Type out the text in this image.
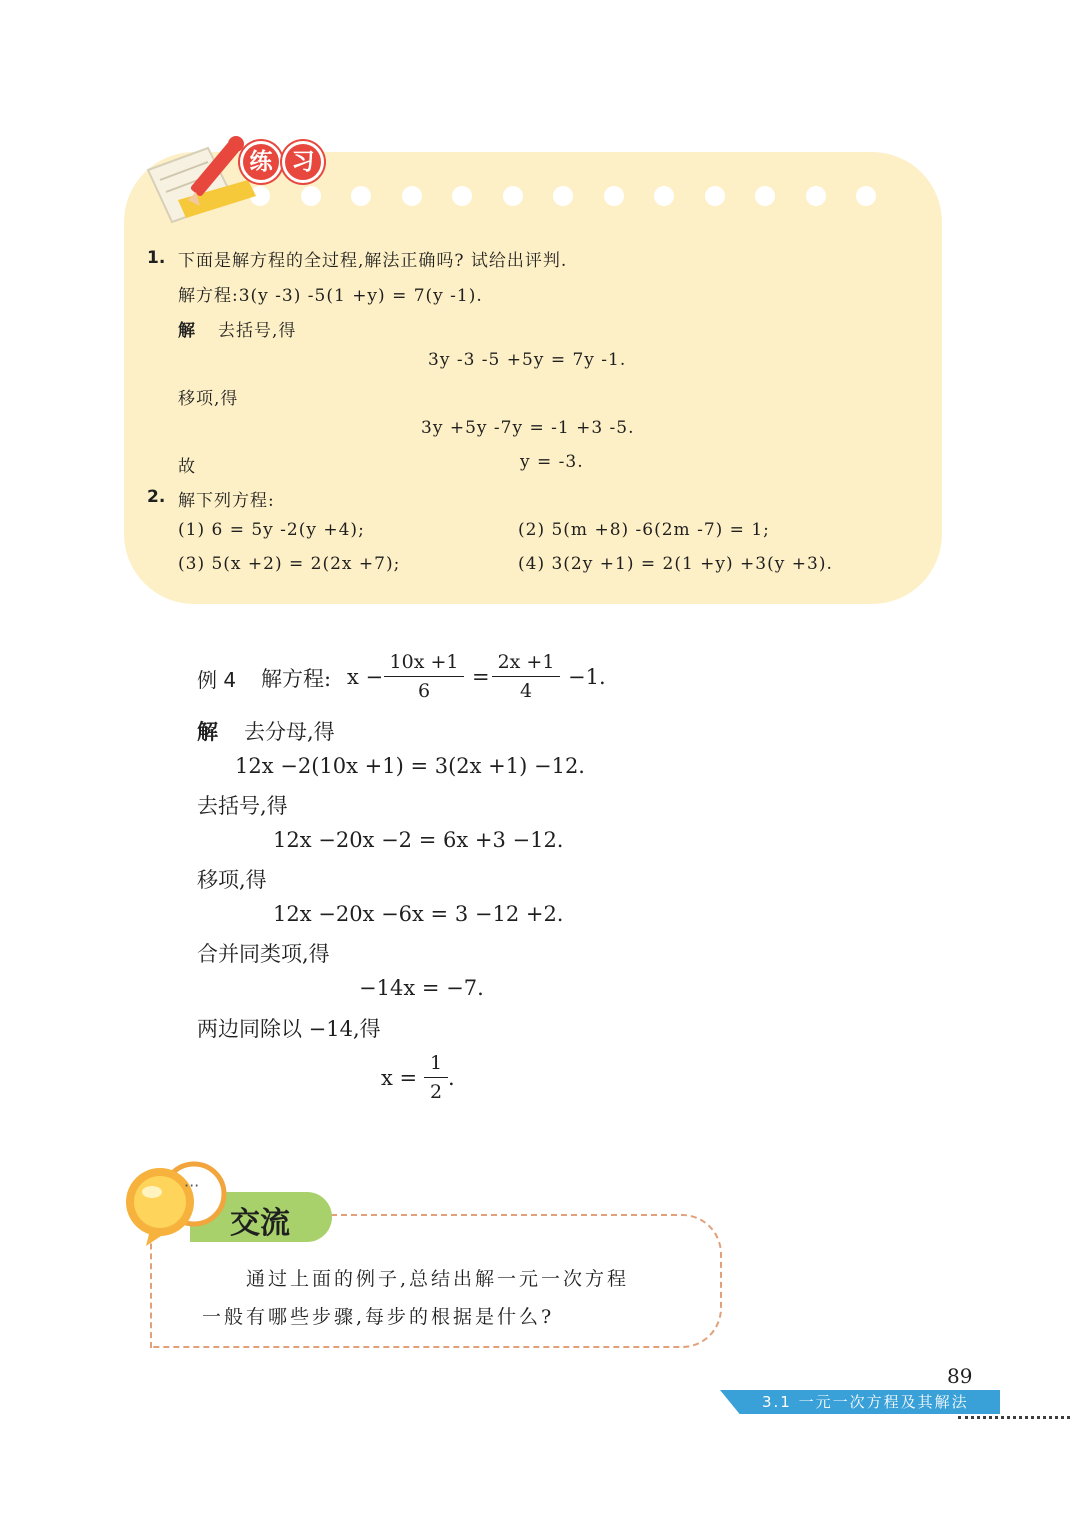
练 习
1. 下面是解方程的全过程,解法正确吗? 试给出评判.
解方程:3(y -3) -5(1 +y) = 7(y -1).
解 去括号,得
3y -3 -5 +5y = 7y -1.
移项,得
3y +5y -7y = -1 +3 -5.
故	y = -3.
2. 解下列方程:
(1) 6 = 5y -2(y +4);	(2) 5(m +8) -6(2m -7) = 1;
(3) 5(x +2) = 2(2x +7);	(4) 3(2y +1) = 2(1 +y) +3(y +3).
例 4 解方程: x −
10x +1
6
=
2x +1
4
−1.
解 去分母,得
12x −2(10x +1) = 3(2x +1) −12.
去括号,得
12x −20x −2 = 6x +3 −12.
移项,得
12x −20x −6x = 3 −12 +2.
合并同类项,得
−14x = −7.
两边同除以 −14,得
x =
1
2
.
···
交流
通过上面的例子,总结出解一元一次方程
一般有哪些步骤,每步的根据是什么?
89
3.1 一元一次方程及其解法
